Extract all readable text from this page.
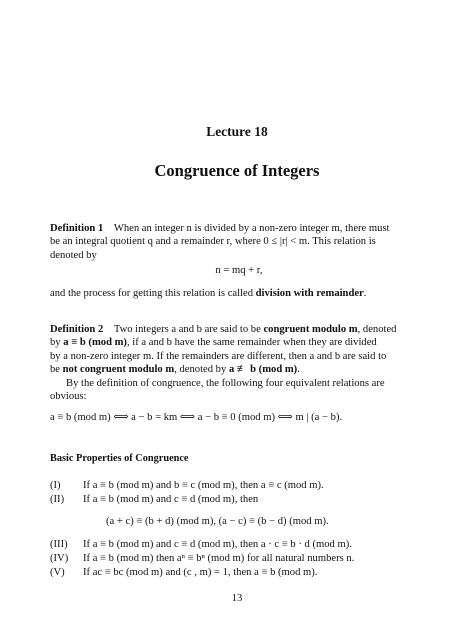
Lecture 18
Congruence of Integers
Definition 1 When an integer n is divided by a non-zero integer m, there must
be an integral quotient q and a remainder r, where 0 ≤ |r| < m. This relation is
denoted by
n = mq + r,
and the process for getting this relation is called division with remainder.
Definition 2 Two integers a and b are said to be congruent modulo m, denoted
by a ≡ b (mod m), if a and b have the same remainder when they are divided
by a non-zero integer m. If the remainders are different, then a and b are said to
be not congruent modulo m, denoted by a ≢ b (mod m).
By the definition of congruence, the following four equivalent relations are
obvious:
a ≡ b (mod m) ⟺ a − b = km ⟺ a − b ≡ 0 (mod m) ⟺ m | (a − b).
Basic Properties of Congruence
(I) If a ≡ b (mod m) and b ≡ c (mod m), then a ≡ c (mod m).
(II) If a ≡ b (mod m) and c ≡ d (mod m), then
(a + c) ≡ (b + d) (mod m), (a − c) ≡ (b − d) (mod m).
(III) If a ≡ b (mod m) and c ≡ d (mod m), then a · c ≡ b · d (mod m).
(IV) If a ≡ b (mod m) then aⁿ ≡ bⁿ (mod m) for all natural numbers n.
(V) If ac ≡ bc (mod m) and (c , m) = 1, then a ≡ b (mod m).
13
